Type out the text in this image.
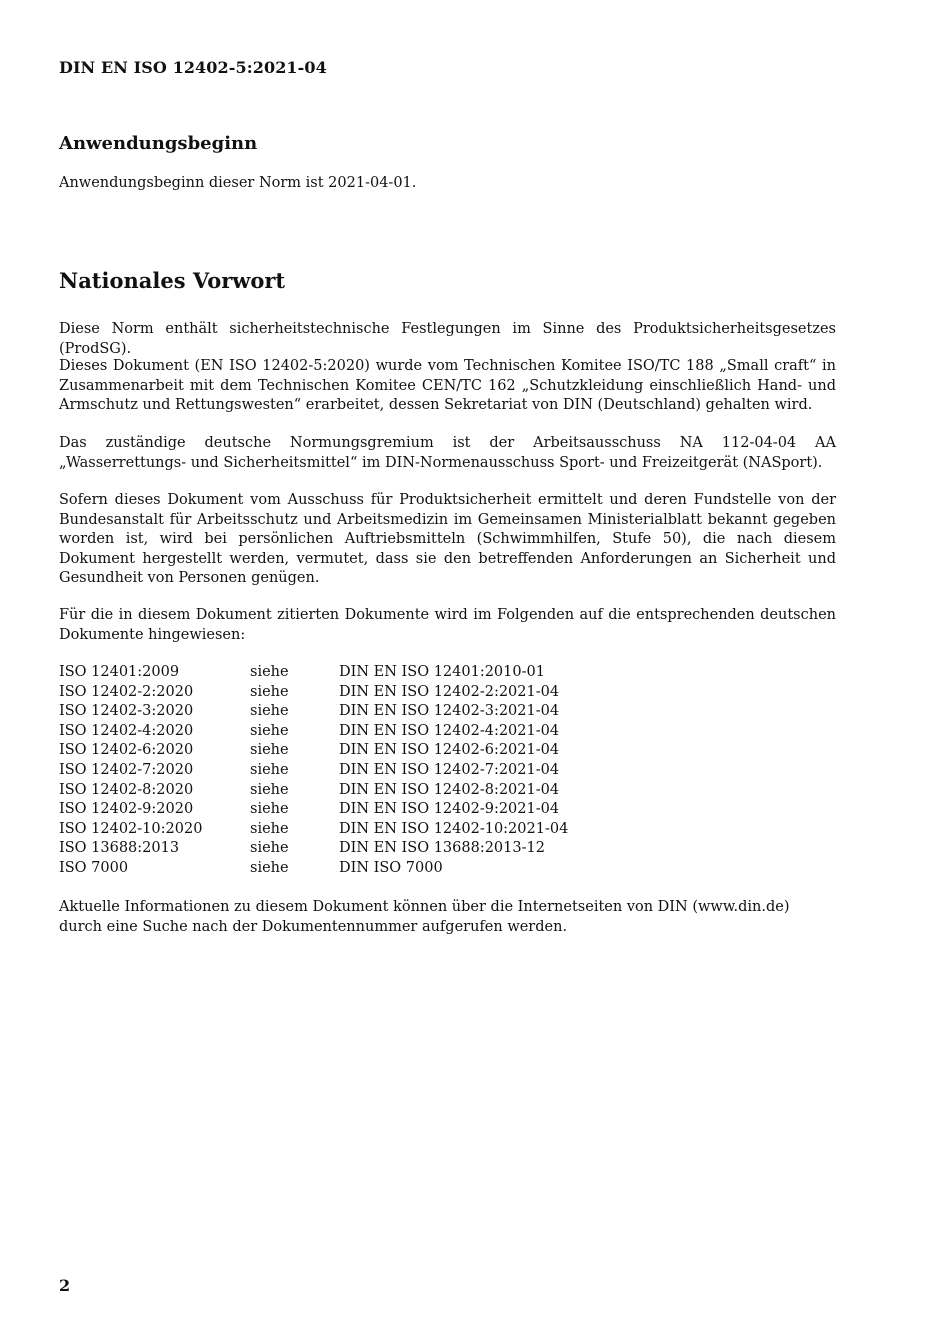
DIN EN ISO 12402-5:2021-04
Anwendungsbeginn
Anwendungsbeginn dieser Norm ist 2021-04-01.
Nationales Vorwort
Diese Norm enthält sicherheitstechnische Festlegungen im Sinne des Produktsicherheitsgesetzes (ProdSG).
Dieses Dokument (EN ISO 12402-5:2020) wurde vom Technischen Komitee ISO/TC 188 „Small craft“ in Zusammenarbeit mit dem Technischen Komitee CEN/TC 162 „Schutzkleidung einschließlich Hand- und Armschutz und Rettungswesten“ erarbeitet, dessen Sekretariat von DIN (Deutschland) gehalten wird.
Das zuständige deutsche Normungsgremium ist der Arbeitsausschuss NA 112-04-04 AA „Wasserrettungs- und Sicherheitsmittel“ im DIN-Normenausschuss Sport- und Freizeitgerät (NASport).
Sofern dieses Dokument vom Ausschuss für Produktsicherheit ermittelt und deren Fundstelle von der Bundesanstalt für Arbeitsschutz und Arbeitsmedizin im Gemeinsamen Ministerialblatt bekannt gegeben worden ist, wird bei persönlichen Auftriebsmitteln (Schwimmhilfen, Stufe 50), die nach diesem Dokument hergestellt werden, vermutet, dass sie den betreffenden Anforderungen an Sicherheit und Gesundheit von Personen genügen.
Für die in diesem Dokument zitierten Dokumente wird im Folgenden auf die entsprechenden deutschen Dokumente hingewiesen:
ISO 12401:2009	siehe	DIN EN ISO 12401:2010-01
ISO 12402-2:2020	siehe	DIN EN ISO 12402-2:2021-04
ISO 12402-3:2020	siehe	DIN EN ISO 12402-3:2021-04
ISO 12402-4:2020	siehe	DIN EN ISO 12402-4:2021-04
ISO 12402-6:2020	siehe	DIN EN ISO 12402-6:2021-04
ISO 12402-7:2020	siehe	DIN EN ISO 12402-7:2021-04
ISO 12402-8:2020	siehe	DIN EN ISO 12402-8:2021-04
ISO 12402-9:2020	siehe	DIN EN ISO 12402-9:2021-04
ISO 12402-10:2020	siehe	DIN EN ISO 12402-10:2021-04
ISO 13688:2013	siehe	DIN EN ISO 13688:2013-12
ISO 7000	siehe	DIN ISO 7000
Aktuelle Informationen zu diesem Dokument können über die Internetseiten von DIN (www.din.de) durch eine Suche nach der Dokumentennummer aufgerufen werden.
2
